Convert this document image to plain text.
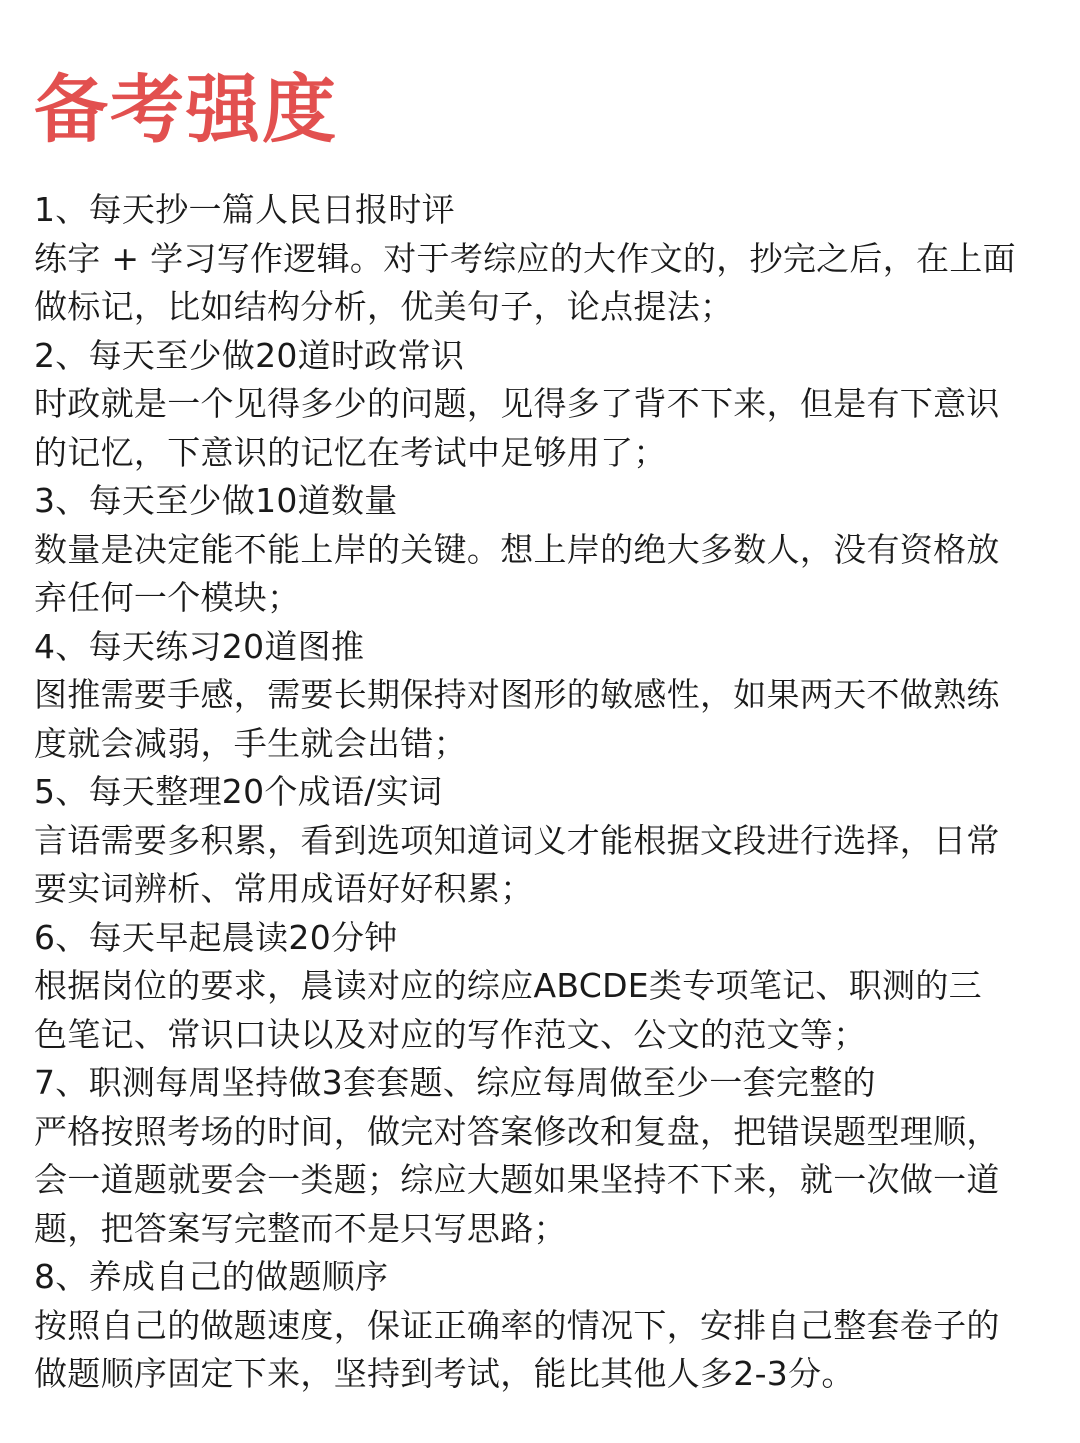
备考强度
1、每天抄一篇人民日报时评
练字 + 学习写作逻辑。对于考综应的大作文的，抄完之后，在上面
做标记，比如结构分析，优美句子，论点提法；
2、每天至少做20道时政常识
时政就是一个见得多少的问题，见得多了背不下来，但是有下意识
的记忆，下意识的记忆在考试中足够用了；
3、每天至少做10道数量
数量是决定能不能上岸的关键。想上岸的绝大多数人，没有资格放
弃任何一个模块；
4、每天练习20道图推
图推需要手感，需要长期保持对图形的敏感性，如果两天不做熟练
度就会减弱，手生就会出错；
5、每天整理20个成语/实词
言语需要多积累，看到选项知道词义才能根据文段进行选择，日常
要实词辨析、常用成语好好积累；
6、每天早起晨读20分钟
根据岗位的要求，晨读对应的综应ABCDE类专项笔记、职测的三
色笔记、常识口诀以及对应的写作范文、公文的范文等；
7、职测每周坚持做3套套题、综应每周做至少一套完整的
严格按照考场的时间，做完对答案修改和复盘，把错误题型理顺，
会一道题就要会一类题；综应大题如果坚持不下来，就一次做一道
题，把答案写完整而不是只写思路；
8、养成自己的做题顺序
按照自己的做题速度，保证正确率的情况下，安排自己整套卷子的
做题顺序固定下来，坚持到考试，能比其他人多2-3分。
